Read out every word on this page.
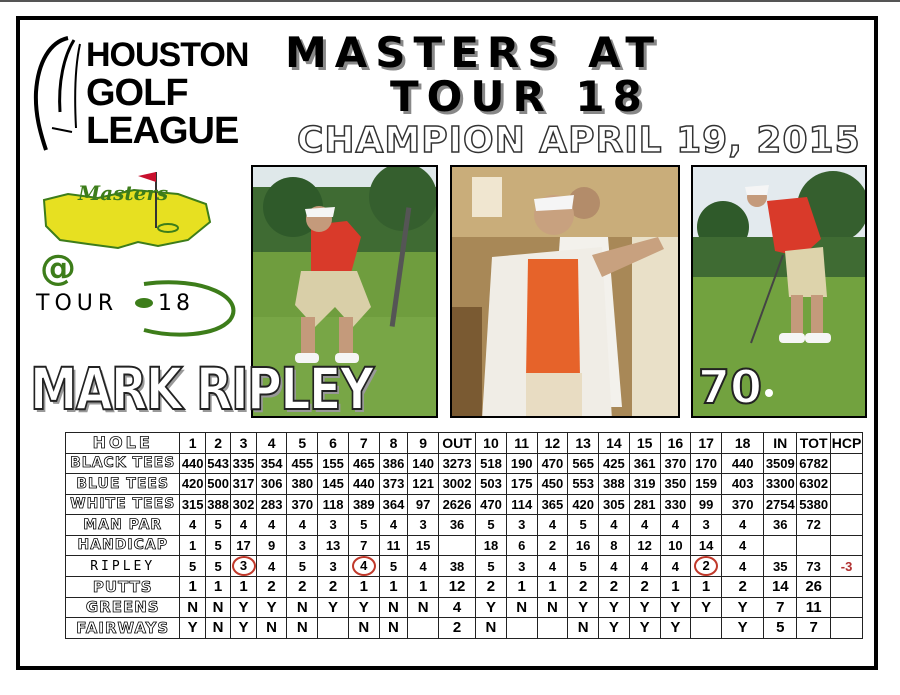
HOUSTON
GOLF
LEAGUE
MASTERS AT
TOUR 18
CHAMPION APRIL 19, 2015
Masters
@
TOUR 18
MARK RIPLEY	70
HOLE	1	2	3	4	5	6	7	8	9	OUT	10	11	12	13	14	15	16	17	18	IN	TOT	HCP
BLACK TEES	440	543	335	354	455	155	465	386	140	3273	518	190	470	565	425	361	370	170	440	3509	6782	
BLUE TEES	420	500	317	306	380	145	440	373	121	3002	503	175	450	553	388	319	350	159	403	3300	6302	
WHITE TEES	315	388	302	283	370	118	389	364	97	2626	470	114	365	420	305	281	330	99	370	2754	5380	
MAN PAR	4	5	4	4	4	3	5	4	3	36	5	3	4	5	4	4	4	3	4	36	72	
HANDICAP	1	5	17	9	3	13	7	11	15		18	6	2	16	8	12	10	14	4			
RIPLEY	5	5	3	4	5	3	4	5	4	38	5	3	4	5	4	4	4	2	4	35	73	-3
PUTTS	1	1	1	2	2	2	1	1	1	12	2	1	1	2	2	2	1	1	2	14	26	
GREENS	N	N	Y	Y	N	Y	Y	N	N	4	Y	N	N	Y	Y	Y	Y	Y	Y	7	11	
FAIRWAYS	Y	N	Y	N	N		N	N		2	N			N	Y	Y	Y		Y	5	7	
